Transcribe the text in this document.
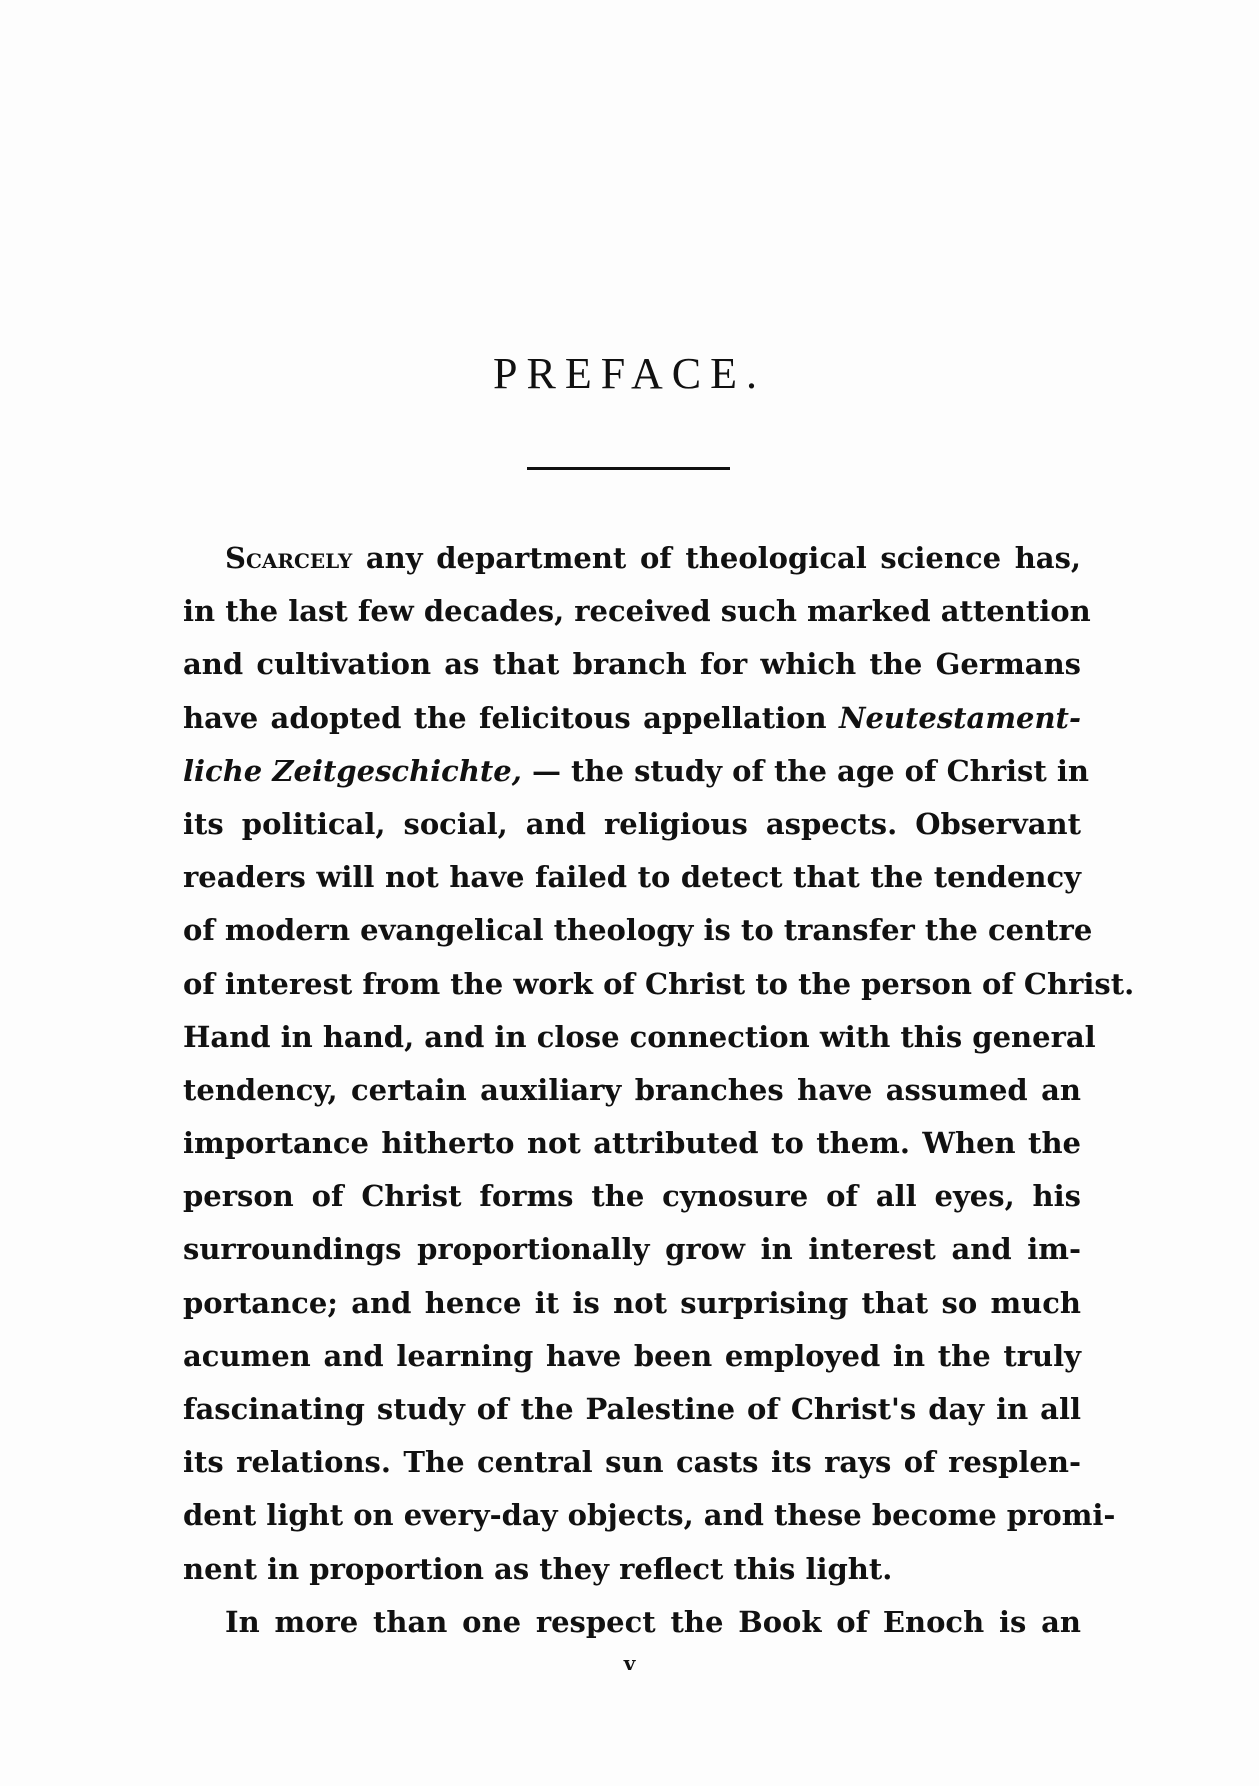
PREFACE.
Scarcely any department of theological science has,
in the last few decades, received such marked attention
and cultivation as that branch for which the Germans
have adopted the felicitous appellation Neutestament-
liche Zeitgeschichte, — the study of the age of Christ in
its political, social, and religious aspects. Observant
readers will not have failed to detect that the tendency
of modern evangelical theology is to transfer the centre
of interest from the work of Christ to the person of Christ.
Hand in hand, and in close connection with this general
tendency, certain auxiliary branches have assumed an
importance hitherto not attributed to them. When the
person of Christ forms the cynosure of all eyes, his
surroundings proportionally grow in interest and im-
portance; and hence it is not surprising that so much
acumen and learning have been employed in the truly
fascinating study of the Palestine of Christ's day in all
its relations. The central sun casts its rays of resplen-
dent light on every-day objects, and these become promi-
nent in proportion as they reflect this light.
In more than one respect the Book of Enoch is an
v
